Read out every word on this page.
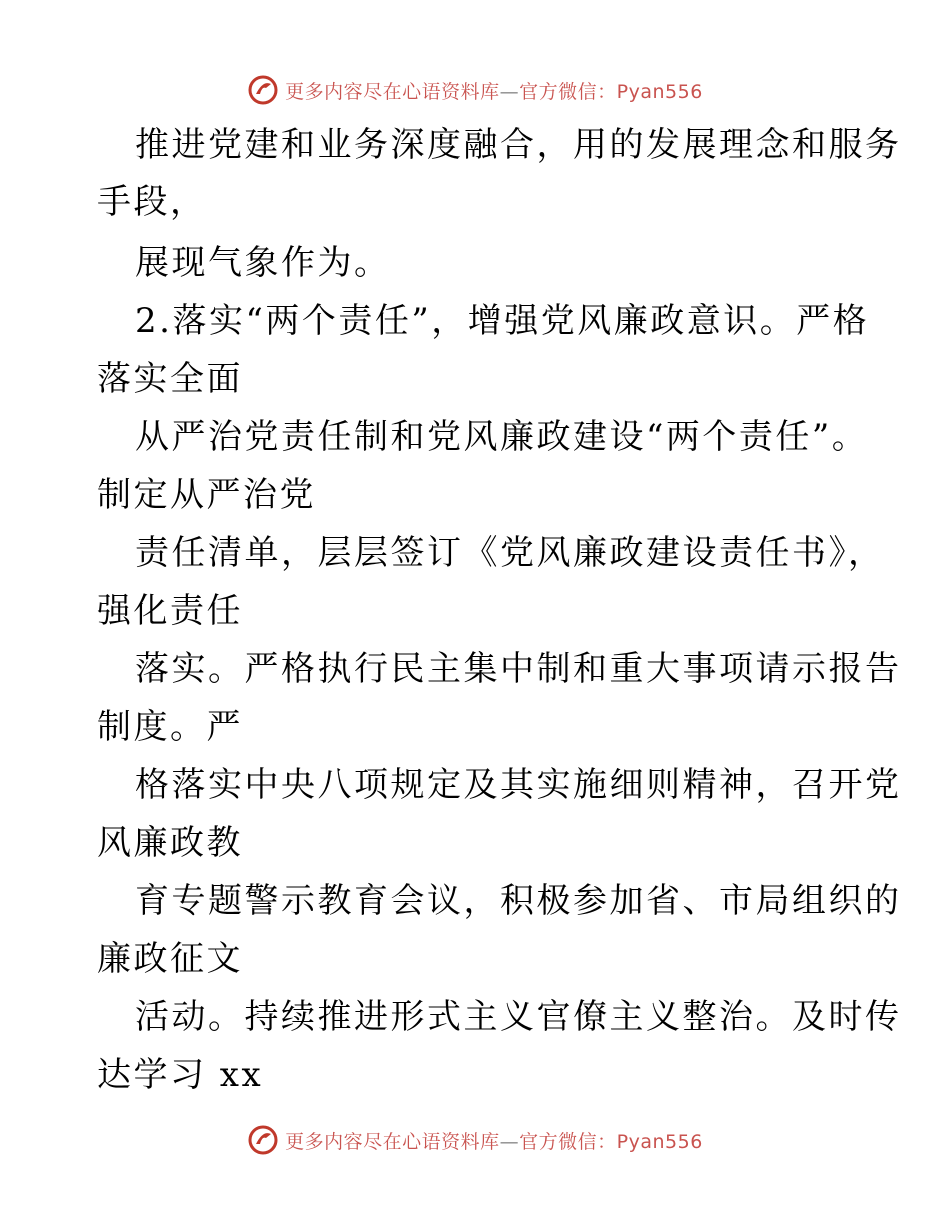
更多内容尽在心语资料库—官方微信：Pyan556
推进党建和业务深度融合，用的发展理念和服务
手段，
展现气象作为。
2.落实“两个责任”，增强党风廉政意识。严格
落实全面
从严治党责任制和党风廉政建设“两个责任”。
制定从严治党
责任清单，层层签订《党风廉政建设责任书》，
强化责任
落实。严格执行民主集中制和重大事项请示报告
制度。严
格落实中央八项规定及其实施细则精神，召开党
风廉政教
育专题警示教育会议，积极参加省、市局组织的
廉政征文
活动。持续推进形式主义官僚主义整治。及时传
达学习 xx
更多内容尽在心语资料库—官方微信：Pyan556
